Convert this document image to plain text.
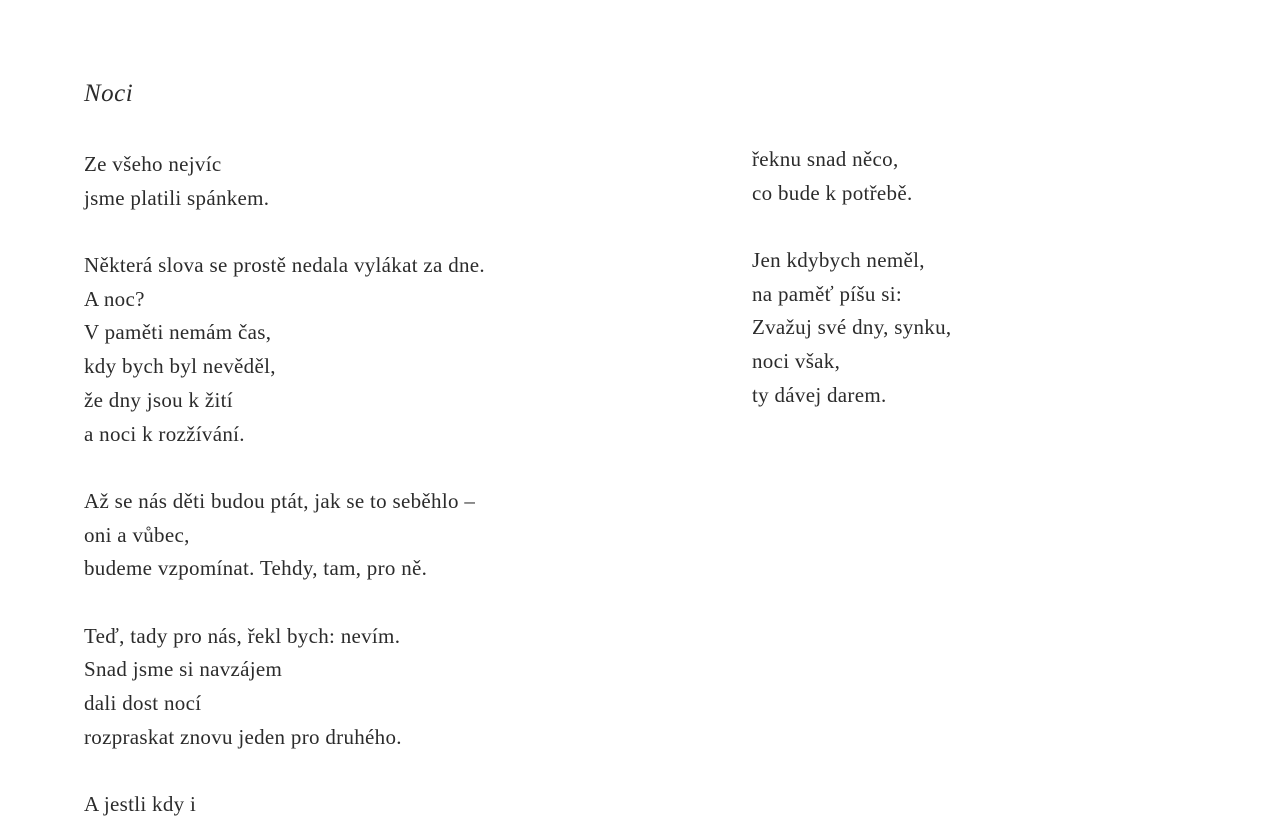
Noci
Ze všeho nejvíc
jsme platili spánkem.
Některá slova se prostě nedala vylákat za dne.
A noc?
V paměti nemám čas,
kdy bych byl nevěděl,
že dny jsou k žití
a noci k rozžívání.
Až se nás děti budou ptát, jak se to seběhlo –
oni a vůbec,
budeme vzpomínat. Tehdy, tam, pro ně.
Teď, tady pro nás, řekl bych: nevím.
Snad jsme si navzájem
dali dost nocí
rozpraskat znovu jeden pro druhého.
A jestli kdy i
řeknu snad něco,
co bude k potřebě.
Jen kdybych neměl,
na paměť píšu si:
Zvažuj své dny, synku,
noci však,
ty dávej darem.
